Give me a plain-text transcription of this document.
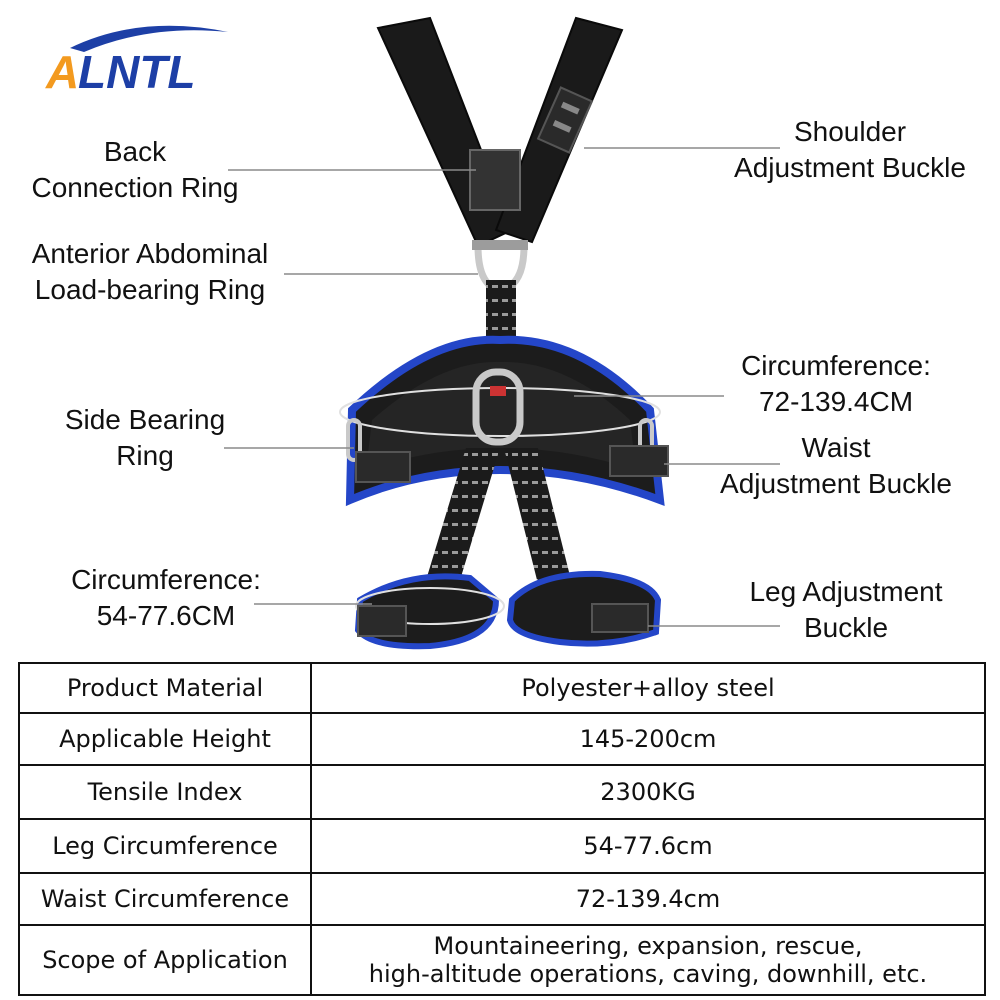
A
LNTL
Back
Connection Ring
Shoulder
Adjustment Buckle
Anterior Abdominal
Load-bearing Ring
Circumference:
72-139.4CM
Side Bearing
Ring	Waist
Adjustment Buckle
Circumference:
54-77.6CM
Leg Adjustment
Buckle
Product Material	Polyester+alloy steel

Applicable Height	145-200cm

Tensile Index	2300KG

Leg Circumference	54-77.6cm

Waist Circumference	72-139.4cm

Scope of Application	Mountaineering, expansion, rescue,
high-altitude operations, caving, downhill, etc.
